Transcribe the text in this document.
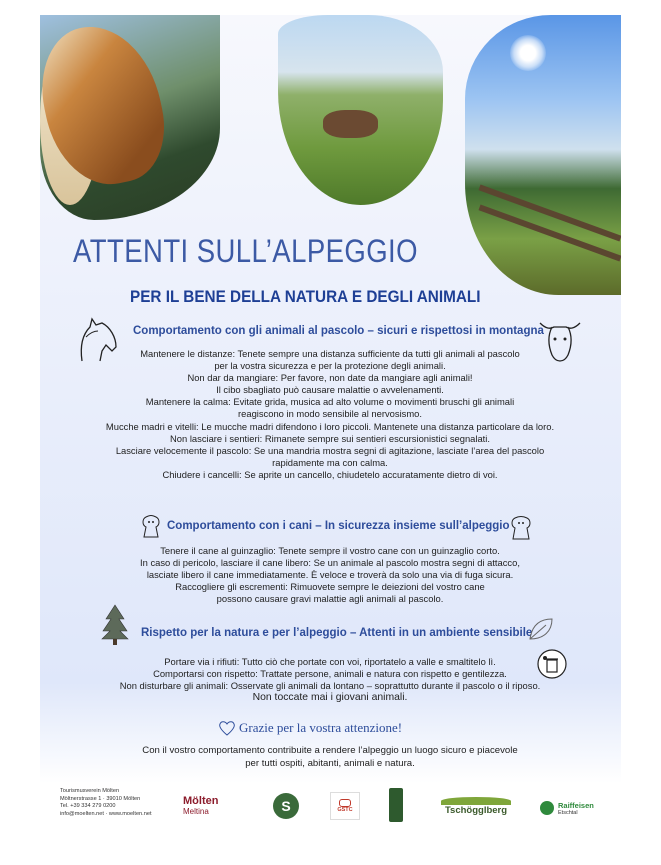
ATTENTI SULL’ALPEGGIO
PER IL BENE DELLA NATURA E DEGLI ANIMALI
Comportamento con gli animali al pascolo – sicuri e rispettosi in montagna
Mantenere le distanze: Tenete sempre una distanza sufficiente da tutti gli animali al pascolo
per la vostra sicurezza e per la protezione degli animali.
Non dar da mangiare: Per favore, non date da mangiare agli animali!
Il cibo sbagliato può causare malattie o avvelenamenti.
Mantenere la calma: Evitate grida, musica ad alto volume o movimenti bruschi gli animali
reagiscono in modo sensibile al nervosismo.
Mucche madri e vitelli: Le mucche madri difendono i loro piccoli. Mantenete una distanza particolare da loro.
Non lasciare i sentieri: Rimanete sempre sui sentieri escursionistici segnalati.
Lasciare velocemente il pascolo: Se una mandria mostra segni di agitazione, lasciate l’area del pascolo
rapidamente ma con calma.
Chiudere i cancelli: Se aprite un cancello, chiudetelo accuratamente dietro di voi.
Comportamento con i cani – In sicurezza insieme sull’alpeggio
Tenere il cane al guinzaglio: Tenete sempre il vostro cane con un guinzaglio corto.
In caso di pericolo, lasciare il cane libero: Se un animale al pascolo mostra segni di attacco,
lasciate libero il cane immediatamente. È veloce e troverà da solo una via di fuga sicura.
Raccogliere gli escrementi: Rimuovete sempre le deiezioni del vostro cane
possono causare gravi malattie agli animali al pascolo.
Rispetto per la natura e per l’alpeggio – Attenti in un ambiente sensibile
Portare via i rifiuti: Tutto ciò che portate con voi, riportatelo a valle e smaltitelo lì.
Comportarsi con rispetto: Trattate persone, animali e natura con rispetto e gentilezza.
Non disturbare gli animali: Osservate gli animali da lontano – soprattutto durante il pascolo o il riposo.
Non toccate mai i giovani animali.
Grazie per la vostra attenzione!
Con il vostro comportamento contribuite a rendere l’alpeggio un luogo sicuro e piacevole
per tutti ospiti, abitanti, animali e natura.
Tourismusverein Mölten
Möltnerstrasse 1 · 39010 Mölten
Tel. +39 334 279 0200
info@moelten.net · www.moelten.net
Mölten
Meltina	S	GSTC	Tschögglberg	Raiffeisen
Etschtal
